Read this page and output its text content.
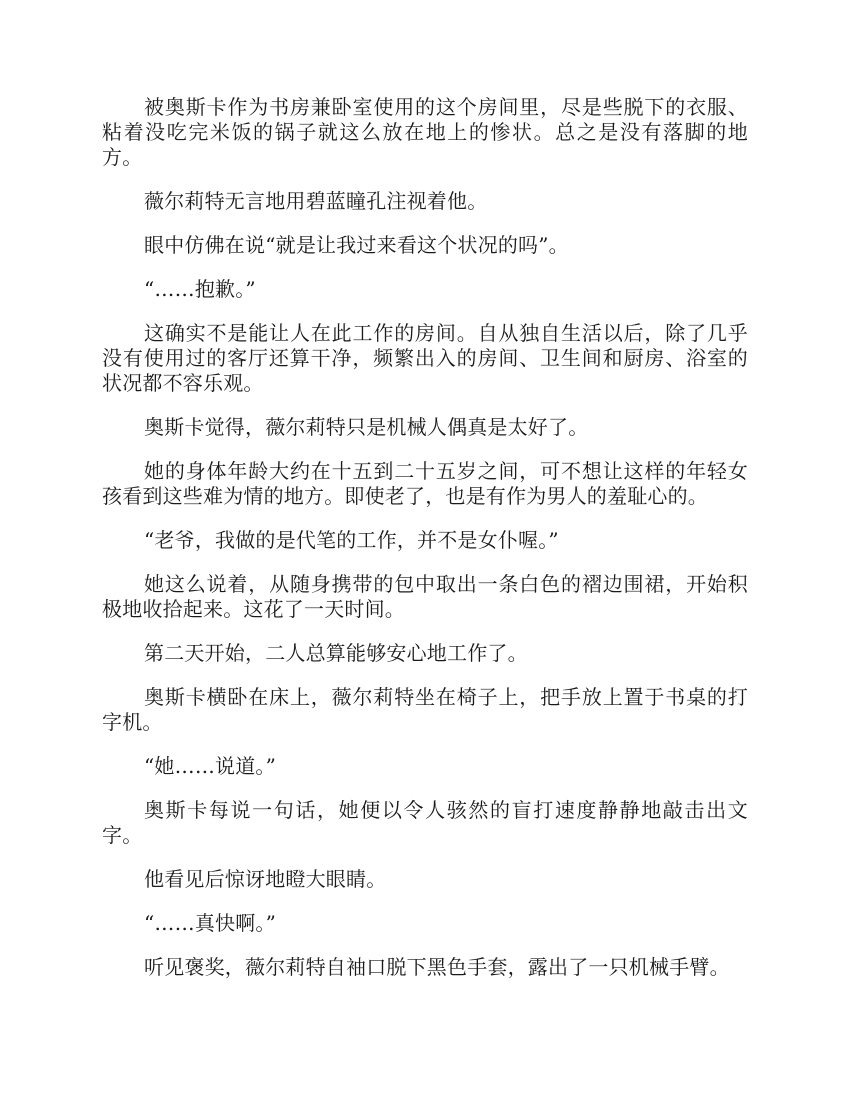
被奥斯卡作为书房兼卧室使用的这个房间里，尽是些脱下的衣服、粘着没吃完米饭的锅子就这么放在地上的惨状。总之是没有落脚的地方。

薇尔莉特无言地用碧蓝瞳孔注视着他。

眼中仿佛在说“就是让我过来看这个状况的吗”。

“……抱歉。”

这确实不是能让人在此工作的房间。自从独自生活以后，除了几乎没有使用过的客厅还算干净，频繁出入的房间、卫生间和厨房、浴室的状况都不容乐观。

奥斯卡觉得，薇尔莉特只是机械人偶真是太好了。

她的身体年龄大约在十五到二十五岁之间，可不想让这样的年轻女孩看到这些难为情的地方。即使老了，也是有作为男人的羞耻心的。

“老爷，我做的是代笔的工作，并不是女仆喔。”

她这么说着，从随身携带的包中取出一条白色的褶边围裙，开始积极地收拾起来。这花了一天时间。

第二天开始，二人总算能够安心地工作了。

奥斯卡横卧在床上，薇尔莉特坐在椅子上，把手放上置于书桌的打字机。

“她……说道。”

奥斯卡每说一句话，她便以令人骇然的盲打速度静静地敲击出文字。

他看见后惊讶地瞪大眼睛。

“……真快啊。”

听见褒奖，薇尔莉特自袖口脱下黑色手套，露出了一只机械手臂。
